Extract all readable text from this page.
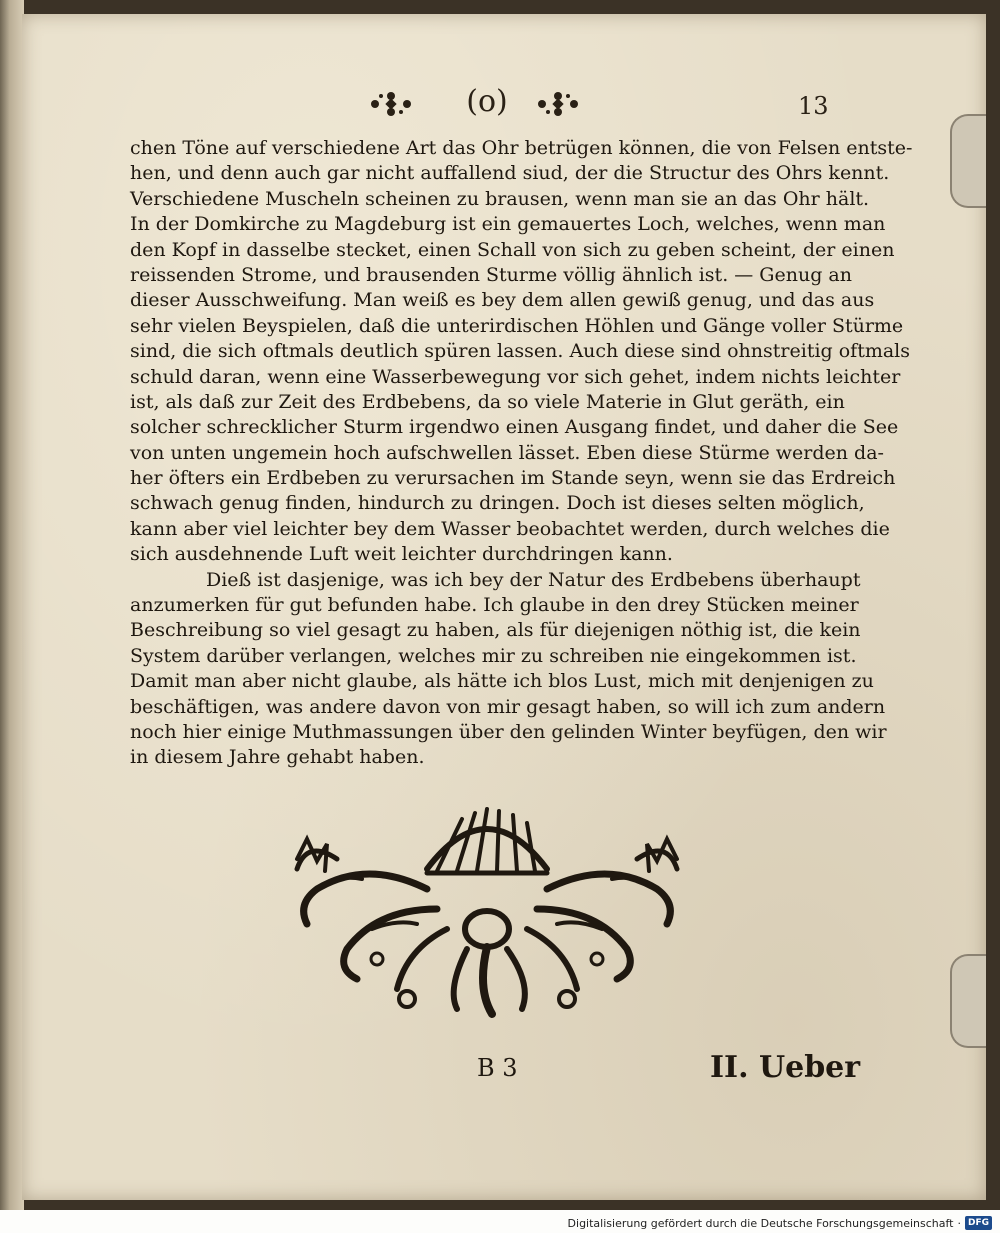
(o)	13
chen Töne auf verschiedene Art das Ohr betrügen können, die von Felsen entste-
hen, und denn auch gar nicht auffallend siud, der die Structur des Ohrs kennt.
Verschiedene Muscheln scheinen zu brausen, wenn man sie an das Ohr hält.
In der Domkirche zu Magdeburg ist ein gemauertes Loch, welches, wenn man
den Kopf in dasselbe stecket, einen Schall von sich zu geben scheint, der einen
reissenden Strome, und brausenden Sturme völlig ähnlich ist. — Genug an
dieser Ausschweifung. Man weiß es bey dem allen gewiß genug, und das aus
sehr vielen Beyspielen, daß die unterirdischen Höhlen und Gänge voller Stürme
sind, die sich oftmals deutlich spüren lassen. Auch diese sind ohnstreitig oftmals
schuld daran, wenn eine Wasserbewegung vor sich gehet, indem nichts leichter
ist, als daß zur Zeit des Erdbebens, da so viele Materie in Glut geräth, ein
solcher schrecklicher Sturm irgendwo einen Ausgang findet, und daher die See
von unten ungemein hoch aufschwellen lässet. Eben diese Stürme werden da-
her öfters ein Erdbeben zu verursachen im Stande seyn, wenn sie das Erdreich
schwach genug finden, hindurch zu dringen. Doch ist dieses selten möglich,
kann aber viel leichter bey dem Wasser beobachtet werden, durch welches die
sich ausdehnende Luft weit leichter durchdringen kann.
Dieß ist dasjenige, was ich bey der Natur des Erdbebens überhaupt
anzumerken für gut befunden habe. Ich glaube in den drey Stücken meiner
Beschreibung so viel gesagt zu haben, als für diejenigen nöthig ist, die kein
System darüber verlangen, welches mir zu schreiben nie eingekommen ist.
Damit man aber nicht glaube, als hätte ich blos Lust, mich mit denjenigen zu
beschäftigen, was andere davon von mir gesagt haben, so will ich zum andern
noch hier einige Muthmassungen über den gelinden Winter beyfügen, den wir
in diesem Jahre gehabt haben.
B 3	II. Ueber
Digitalisierung gefördert durch die Deutsche Forschungsgemeinschaft · DFG
